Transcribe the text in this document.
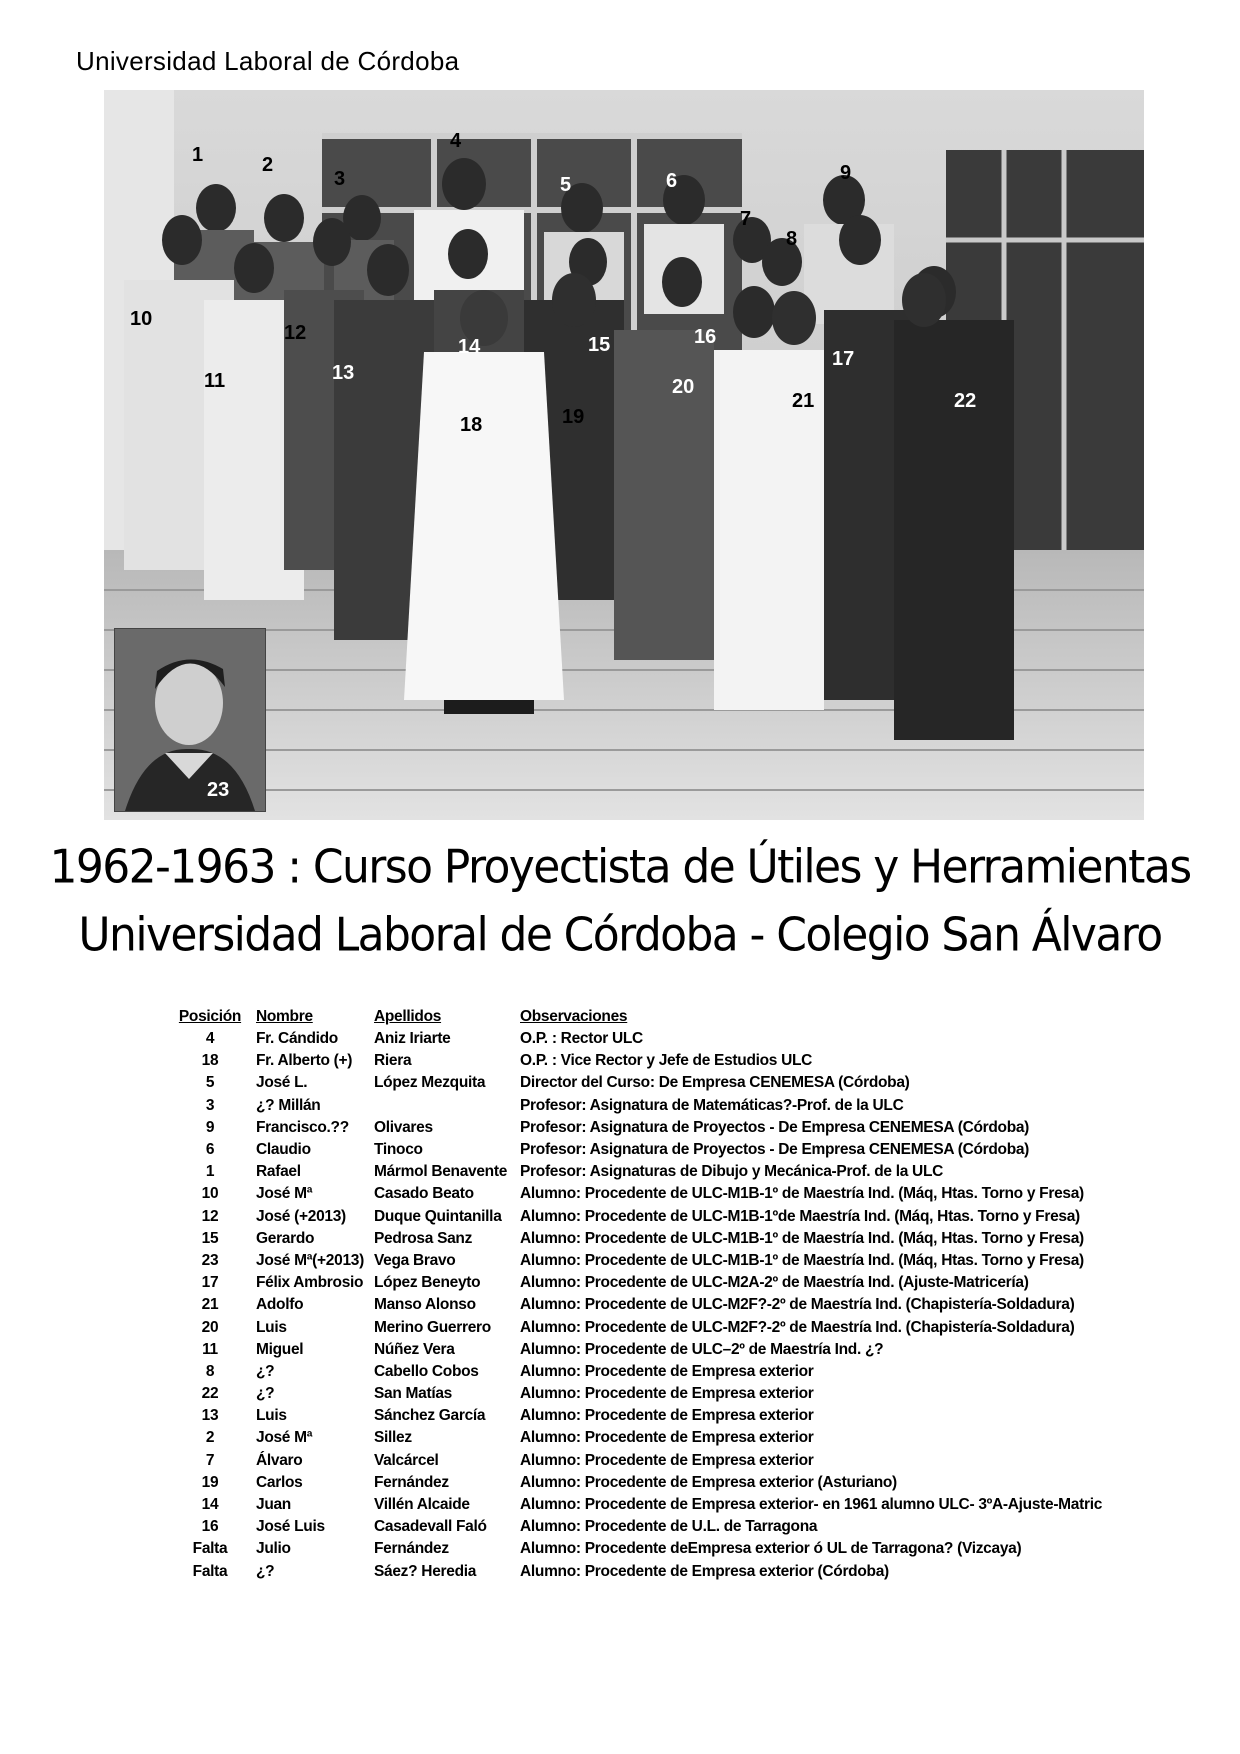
Universidad Laboral de Córdoba
1	2
3
4
5	6
7
8
9
10
11
12
13
14	15	16
17
18	19
20
21	22
23
1962-1963 : Curso Proyectista de Útiles y Herramientas
Universidad Laboral de Córdoba - Colegio San Álvaro
Posición	Nombre	Apellidos	Observaciones
4	Fr. Cándido	Aniz Iriarte	O.P. : Rector ULC
18	Fr. Alberto (+)	Riera	O.P. : Vice Rector y Jefe de Estudios ULC
5	José L.	López Mezquita	Director del Curso: De Empresa CENEMESA (Córdoba)
3	¿? Millán		Profesor: Asignatura de Matemáticas?-Prof. de la ULC
9	Francisco.??	Olivares	Profesor: Asignatura de Proyectos - De Empresa CENEMESA (Córdoba)
6	Claudio	Tinoco	Profesor: Asignatura de Proyectos - De Empresa CENEMESA (Córdoba)
1	Rafael	Mármol Benavente	Profesor: Asignaturas de Dibujo y Mecánica-Prof. de la ULC
10	José Mª	Casado Beato	Alumno: Procedente de ULC-M1B-1º de Maestría Ind. (Máq, Htas. Torno y Fresa)
12	José (+2013)	Duque Quintanilla	Alumno: Procedente de ULC-M1B-1ºde Maestría Ind. (Máq, Htas. Torno y Fresa)
15	Gerardo	Pedrosa Sanz	Alumno: Procedente de ULC-M1B-1º de Maestría Ind. (Máq, Htas. Torno y Fresa)
23	José Mª(+2013)	Vega Bravo	Alumno: Procedente de ULC-M1B-1º de Maestría Ind. (Máq, Htas. Torno y Fresa)
17	Félix Ambrosio	López Beneyto	Alumno: Procedente de ULC-M2A-2º de Maestría Ind. (Ajuste-Matricería)
21	Adolfo	Manso Alonso	Alumno: Procedente de ULC-M2F?-2º de Maestría Ind. (Chapistería-Soldadura)
20	Luis	Merino Guerrero	Alumno: Procedente de ULC-M2F?-2º de Maestría Ind. (Chapistería-Soldadura)
11	Miguel	Núñez Vera	Alumno: Procedente de ULC–2º de Maestría Ind. ¿?
8	¿?	Cabello Cobos	Alumno: Procedente de Empresa exterior
22	¿?	San Matías	Alumno: Procedente de Empresa exterior
13	Luis	Sánchez García	Alumno: Procedente de Empresa exterior
2	José Mª	Sillez	Alumno: Procedente de Empresa exterior
7	Álvaro	Valcárcel	Alumno: Procedente de Empresa exterior
19	Carlos	Fernández	Alumno: Procedente de Empresa exterior (Asturiano)
14	Juan	Villén Alcaide	Alumno: Procedente de Empresa exterior- en 1961 alumno ULC- 3ºA-Ajuste-Matric
16	José Luis	Casadevall Faló	Alumno: Procedente de U.L. de Tarragona
Falta	Julio	Fernández	Alumno: Procedente deEmpresa exterior ó UL de Tarragona? (Vizcaya)
Falta	¿?	Sáez? Heredia	Alumno: Procedente de Empresa exterior (Córdoba)
